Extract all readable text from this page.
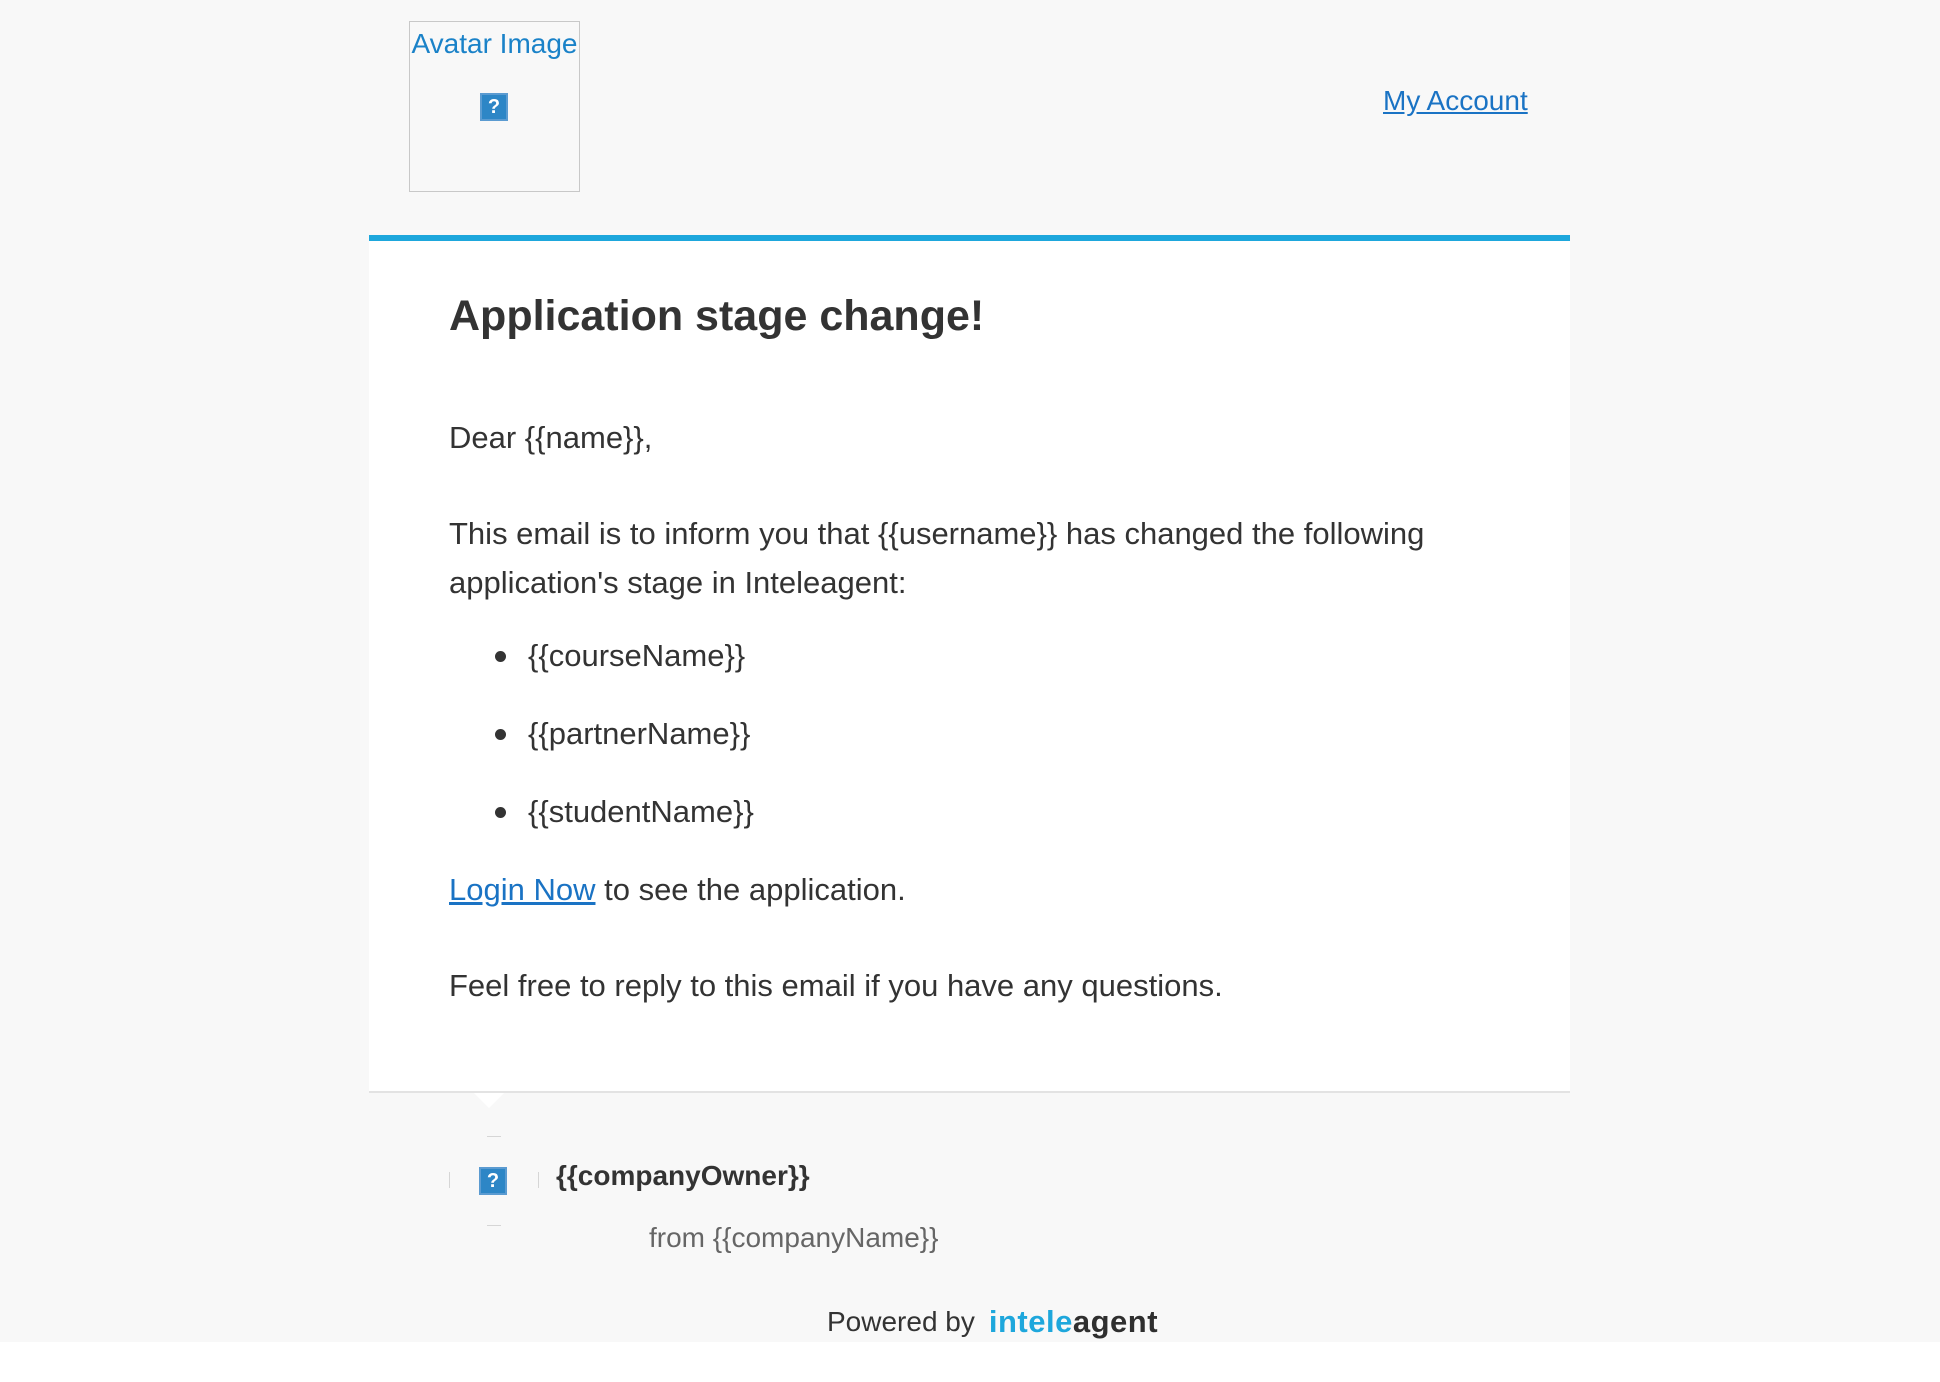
Avatar Image
?
My Account
Application stage change!

Dear {{name}},

This email is to inform you that {{username}} has changed the following application's stage in Inteleagent:

{{courseName}}
{{partnerName}}
{{studentName}}

Login Now to see the application.

Feel free to reply to this email if you have any questions.

?
{{companyOwner}}
from {{companyName}}
Powered by inteleagent
